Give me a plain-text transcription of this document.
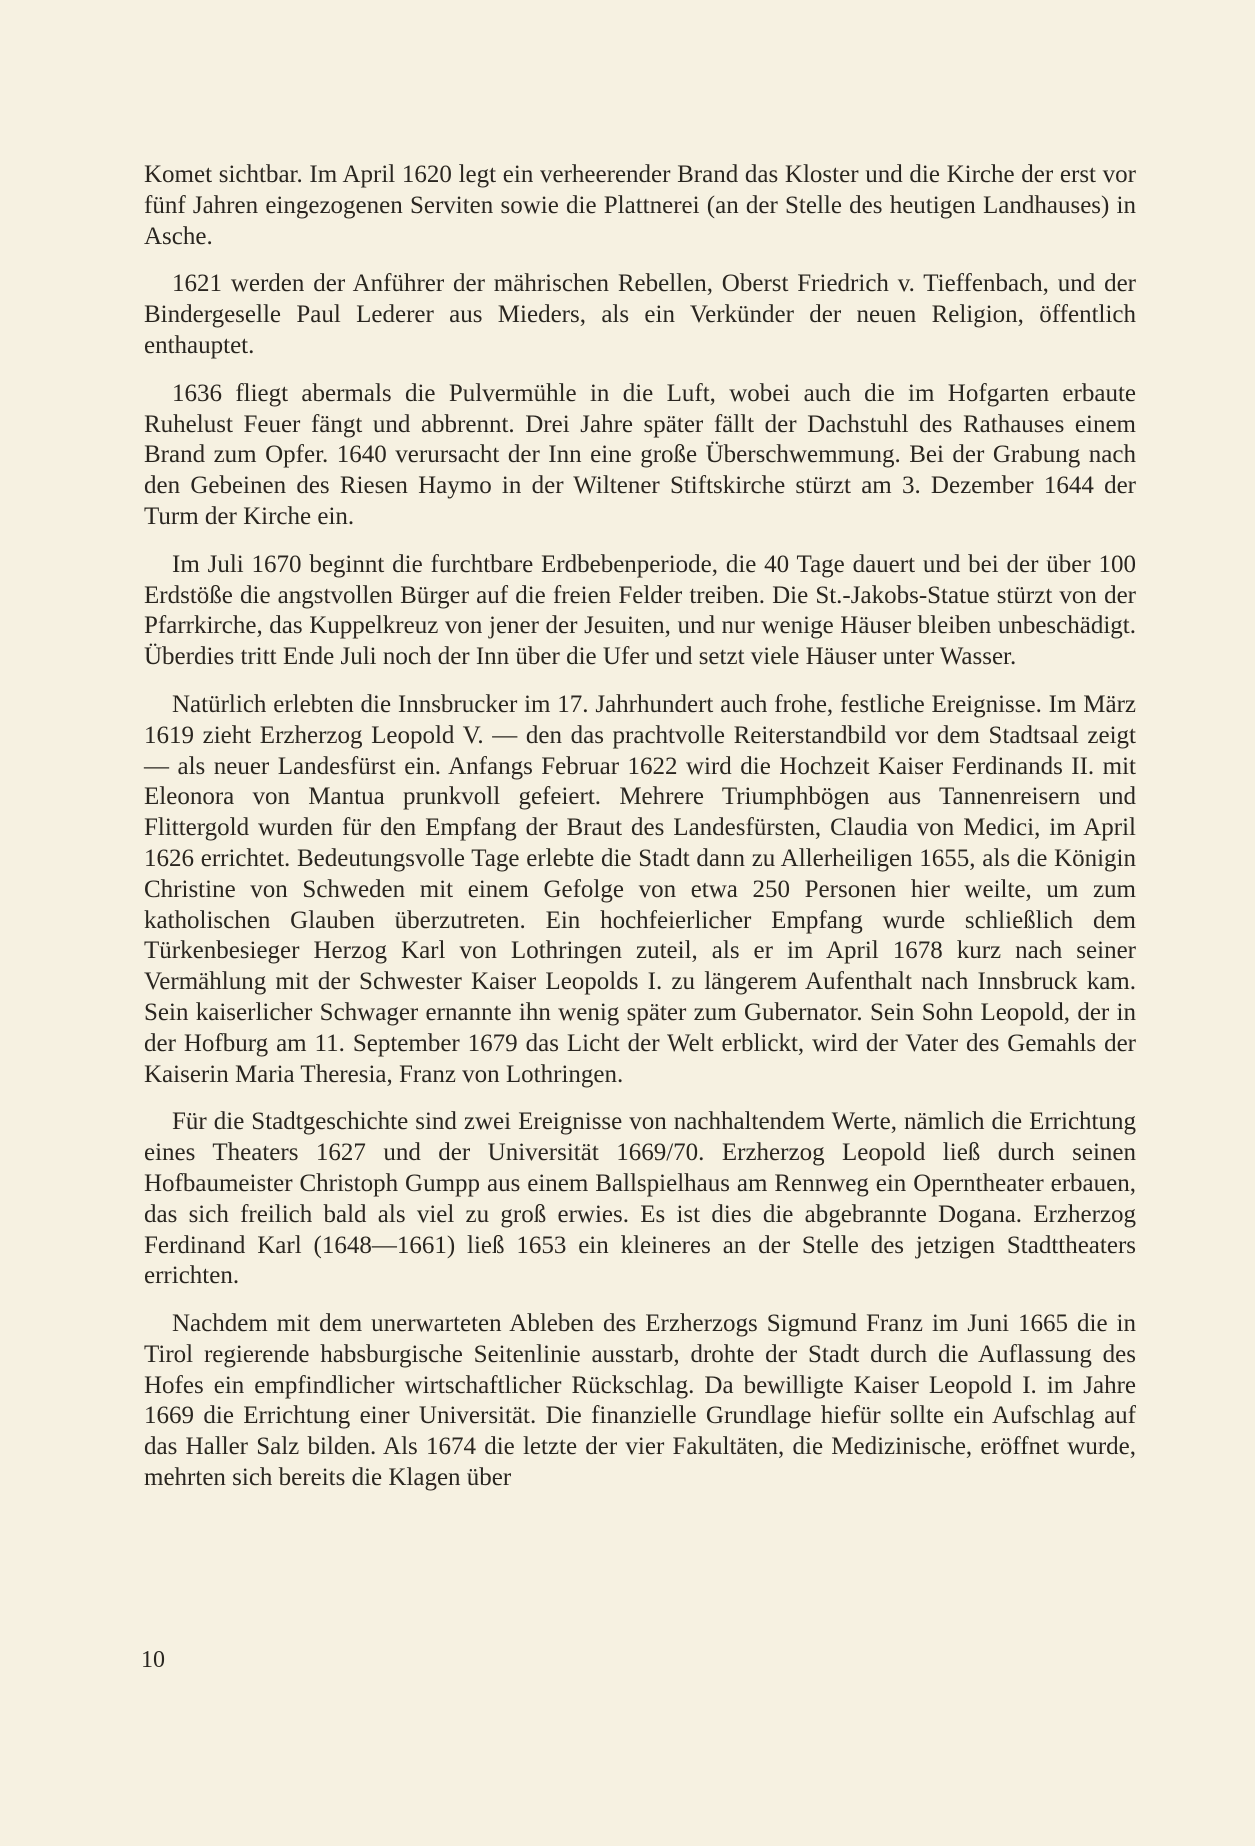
Komet sichtbar. Im April 1620 legt ein verheerender Brand das Kloster und die Kirche der erst vor fünf Jahren eingezogenen Serviten sowie die Plattnerei (an der Stelle des heutigen Landhauses) in Asche.

1621 werden der Anführer der mährischen Rebellen, Oberst Friedrich v. Tieffenbach, und der Bindergeselle Paul Lederer aus Mieders, als ein Verkünder der neuen Religion, öffentlich enthauptet.

1636 fliegt abermals die Pulvermühle in die Luft, wobei auch die im Hofgarten erbaute Ruhelust Feuer fängt und abbrennt. Drei Jahre später fällt der Dachstuhl des Rathauses einem Brand zum Opfer. 1640 verursacht der Inn eine große Überschwemmung. Bei der Grabung nach den Gebeinen des Riesen Haymo in der Wiltener Stiftskirche stürzt am 3. Dezember 1644 der Turm der Kirche ein.

Im Juli 1670 beginnt die furchtbare Erdbebenperiode, die 40 Tage dauert und bei der über 100 Erdstöße die angstvollen Bürger auf die freien Felder treiben. Die St.-Jakobs-Statue stürzt von der Pfarrkirche, das Kuppelkreuz von jener der Jesuiten, und nur wenige Häuser bleiben unbeschädigt. Überdies tritt Ende Juli noch der Inn über die Ufer und setzt viele Häuser unter Wasser.

Natürlich erlebten die Innsbrucker im 17. Jahrhundert auch frohe, festliche Ereignisse. Im März 1619 zieht Erzherzog Leopold V. — den das prachtvolle Reiterstandbild vor dem Stadtsaal zeigt — als neuer Landesfürst ein. Anfangs Februar 1622 wird die Hochzeit Kaiser Ferdinands II. mit Eleonora von Mantua prunkvoll gefeiert. Mehrere Triumphbögen aus Tannenreisern und Flittergold wurden für den Empfang der Braut des Landesfürsten, Claudia von Medici, im April 1626 errichtet. Bedeutungsvolle Tage erlebte die Stadt dann zu Allerheiligen 1655, als die Königin Christine von Schweden mit einem Gefolge von etwa 250 Personen hier weilte, um zum katholischen Glauben überzutreten. Ein hochfeierlicher Empfang wurde schließlich dem Türkenbesieger Herzog Karl von Lothringen zuteil, als er im April 1678 kurz nach seiner Vermählung mit der Schwester Kaiser Leopolds I. zu längerem Aufenthalt nach Innsbruck kam. Sein kaiserlicher Schwager ernannte ihn wenig später zum Gubernator. Sein Sohn Leopold, der in der Hofburg am 11. September 1679 das Licht der Welt erblickt, wird der Vater des Gemahls der Kaiserin Maria Theresia, Franz von Lothringen.

Für die Stadtgeschichte sind zwei Ereignisse von nachhaltendem Werte, nämlich die Errichtung eines Theaters 1627 und der Universität 1669/70. Erzherzog Leopold ließ durch seinen Hofbaumeister Christoph Gumpp aus einem Ballspielhaus am Rennweg ein Operntheater erbauen, das sich freilich bald als viel zu groß erwies. Es ist dies die abgebrannte Dogana. Erzherzog Ferdinand Karl (1648—1661) ließ 1653 ein kleineres an der Stelle des jetzigen Stadttheaters errichten.

Nachdem mit dem unerwarteten Ableben des Erzherzogs Sigmund Franz im Juni 1665 die in Tirol regierende habsburgische Seitenlinie ausstarb, drohte der Stadt durch die Auflassung des Hofes ein empfindlicher wirtschaftlicher Rückschlag. Da bewilligte Kaiser Leopold I. im Jahre 1669 die Errichtung einer Universität. Die finanzielle Grundlage hiefür sollte ein Aufschlag auf das Haller Salz bilden. Als 1674 die letzte der vier Fakultäten, die Medizinische, eröffnet wurde, mehrten sich bereits die Klagen über

10
